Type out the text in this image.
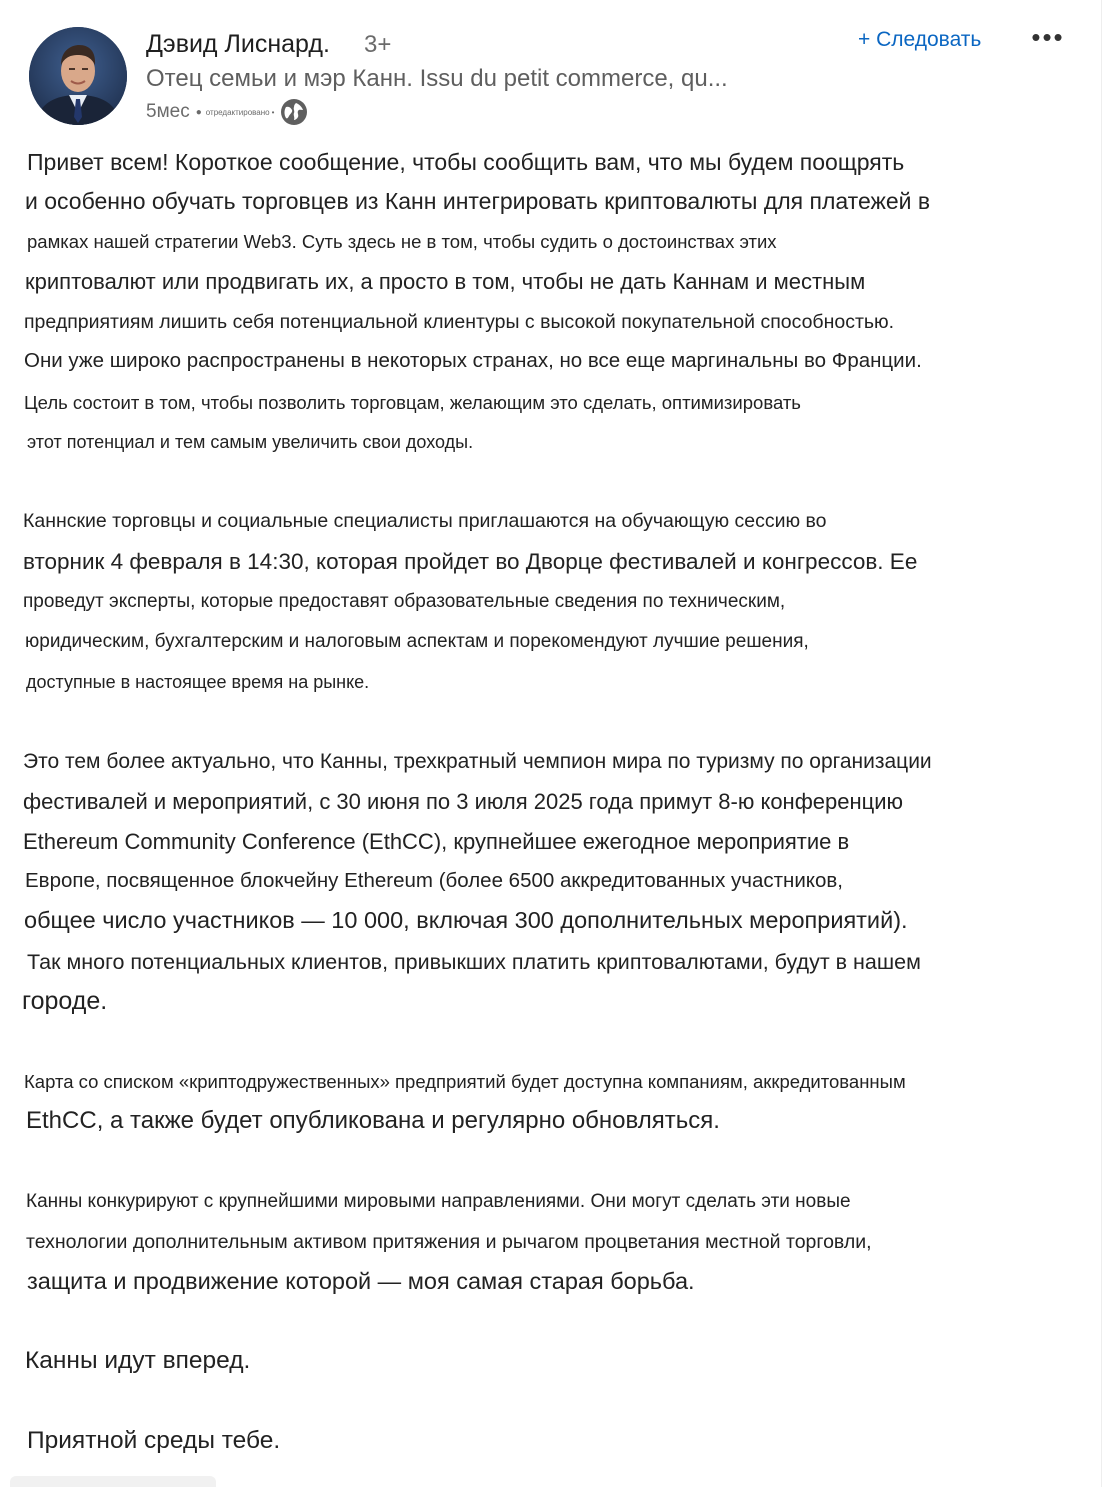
Дэвид Лиснард. 3+
Отец семьи и мэр Канн. Issu du petit commerce, qu...
5мес ● отредактировано •
+ Следовать •••
Привет всем! Короткое сообщение, чтобы сообщить вам, что мы будем поощрять
и особенно обучать торговцев из Канн интегрировать криптовалюты для платежей в
рамках нашей стратегии Web3. Суть здесь не в том, чтобы судить о достоинствах этих
криптовалют или продвигать их, а просто в том, чтобы не дать Каннам и местным
предприятиям лишить себя потенциальной клиентуры с высокой покупательной способностью.
Они уже широко распространены в некоторых странах, но все еще маргинальны во Франции.
Цель состоит в том, чтобы позволить торговцам, желающим это сделать, оптимизировать
этот потенциал и тем самым увеличить свои доходы.
Каннские торговцы и социальные специалисты приглашаются на обучающую сессию во
вторник 4 февраля в 14:30, которая пройдет во Дворце фестивалей и конгрессов. Ее
проведут эксперты, которые предоставят образовательные сведения по техническим,
юридическим, бухгалтерским и налоговым аспектам и порекомендуют лучшие решения,
доступные в настоящее время на рынке.
Это тем более актуально, что Канны, трехкратный чемпион мира по туризму по организации
фестивалей и мероприятий, с 30 июня по 3 июля 2025 года примут 8-ю конференцию
Ethereum Community Conference (EthCC), крупнейшее ежегодное мероприятие в
Европе, посвященное блокчейну Ethereum (более 6500 аккредитованных участников,
общее число участников — 10 000, включая 300 дополнительных мероприятий).
Так много потенциальных клиентов, привыкших платить криптовалютами, будут в нашем
городе.
Карта со списком «криптодружественных» предприятий будет доступна компаниям, аккредитованным
EthCC, а также будет опубликована и регулярно обновляться.
Канны конкурируют с крупнейшими мировыми направлениями. Они могут сделать эти новые
технологии дополнительным активом притяжения и рычагом процветания местной торговли,
защита и продвижение которой — моя самая старая борьба.
Канны идут вперед.
Приятной среды тебе.
